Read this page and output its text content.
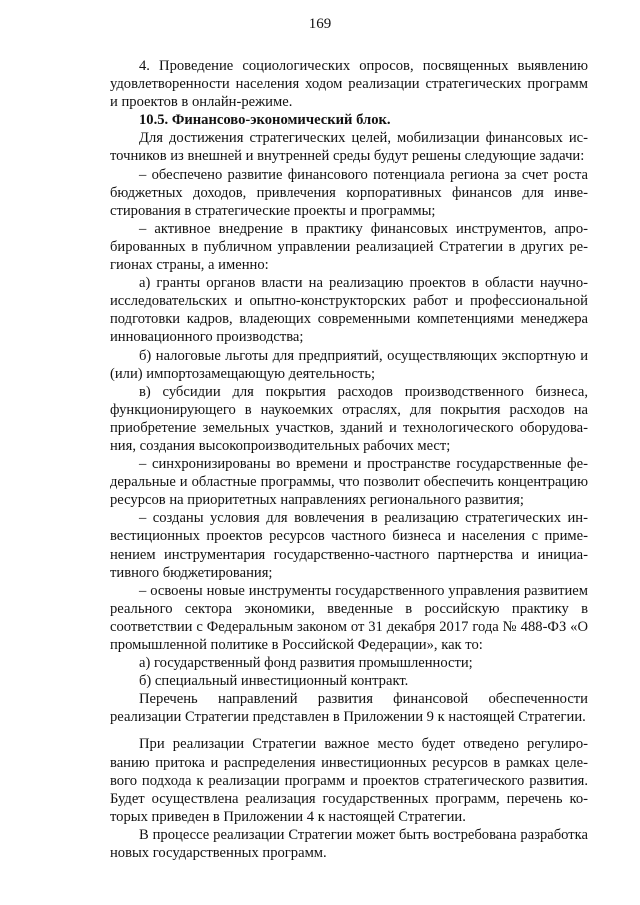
169

4. Проведение социологических опросов, посвященных выявлению удовлетворенности населения ходом реализации стратегических программ и проектов в онлайн-режиме.

10.5. Финансово-экономический блок.

Для достижения стратегических целей, мобилизации финансовых источников из внешней и внутренней среды будут решены следующие задачи:

– обеспечено развитие финансового потенциала региона за счет роста бюджетных доходов, привлечения корпоративных финансов для инвестирования в стратегические проекты и программы;

– активное внедрение в практику финансовых инструментов, апробированных в публичном управлении реализацией Стратегии в других регионах страны, а именно:

а) гранты органов власти на реализацию проектов в области научно-исследовательских и опытно-конструкторских работ и профессиональной подготовки кадров, владеющих современными компетенциями менеджера инновационного производства;

б) налоговые льготы для предприятий, осуществляющих экспортную и (или) импортозамещающую деятельность;

в) субсидии для покрытия расходов производственного бизнеса, функционирующего в наукоемких отраслях, для покрытия расходов на приобретение земельных участков, зданий и технологического оборудования, создания высокопроизводительных рабочих мест;

– синхронизированы во времени и пространстве государственные федеральные и областные программы, что позволит обеспечить концентрацию ресурсов на приоритетных направлениях регионального развития;

– созданы условия для вовлечения в реализацию стратегических инвестиционных проектов ресурсов частного бизнеса и населения с применением инструментария государственно-частного партнерства и инициативного бюджетирования;

– освоены новые инструменты государственного управления развитием реального сектора экономики, введенные в российскую практику в соответствии с Федеральным законом от 31 декабря 2017 года № 488-ФЗ «О промышленной политике в Российской Федерации», как то:

а) государственный фонд развития промышленности;

б) специальный инвестиционный контракт.

Перечень направлений развития финансовой обеспеченности реализации Стратегии представлен в Приложении 9 к настоящей Стратегии.

При реализации Стратегии важное место будет отведено регулированию притока и распределения инвестиционных ресурсов в рамках целевого подхода к реализации программ и проектов стратегического развития. Будет осуществлена реализация государственных программ, перечень которых приведен в Приложении 4 к настоящей Стратегии.

В процессе реализации Стратегии может быть востребована разработка новых государственных программ.
